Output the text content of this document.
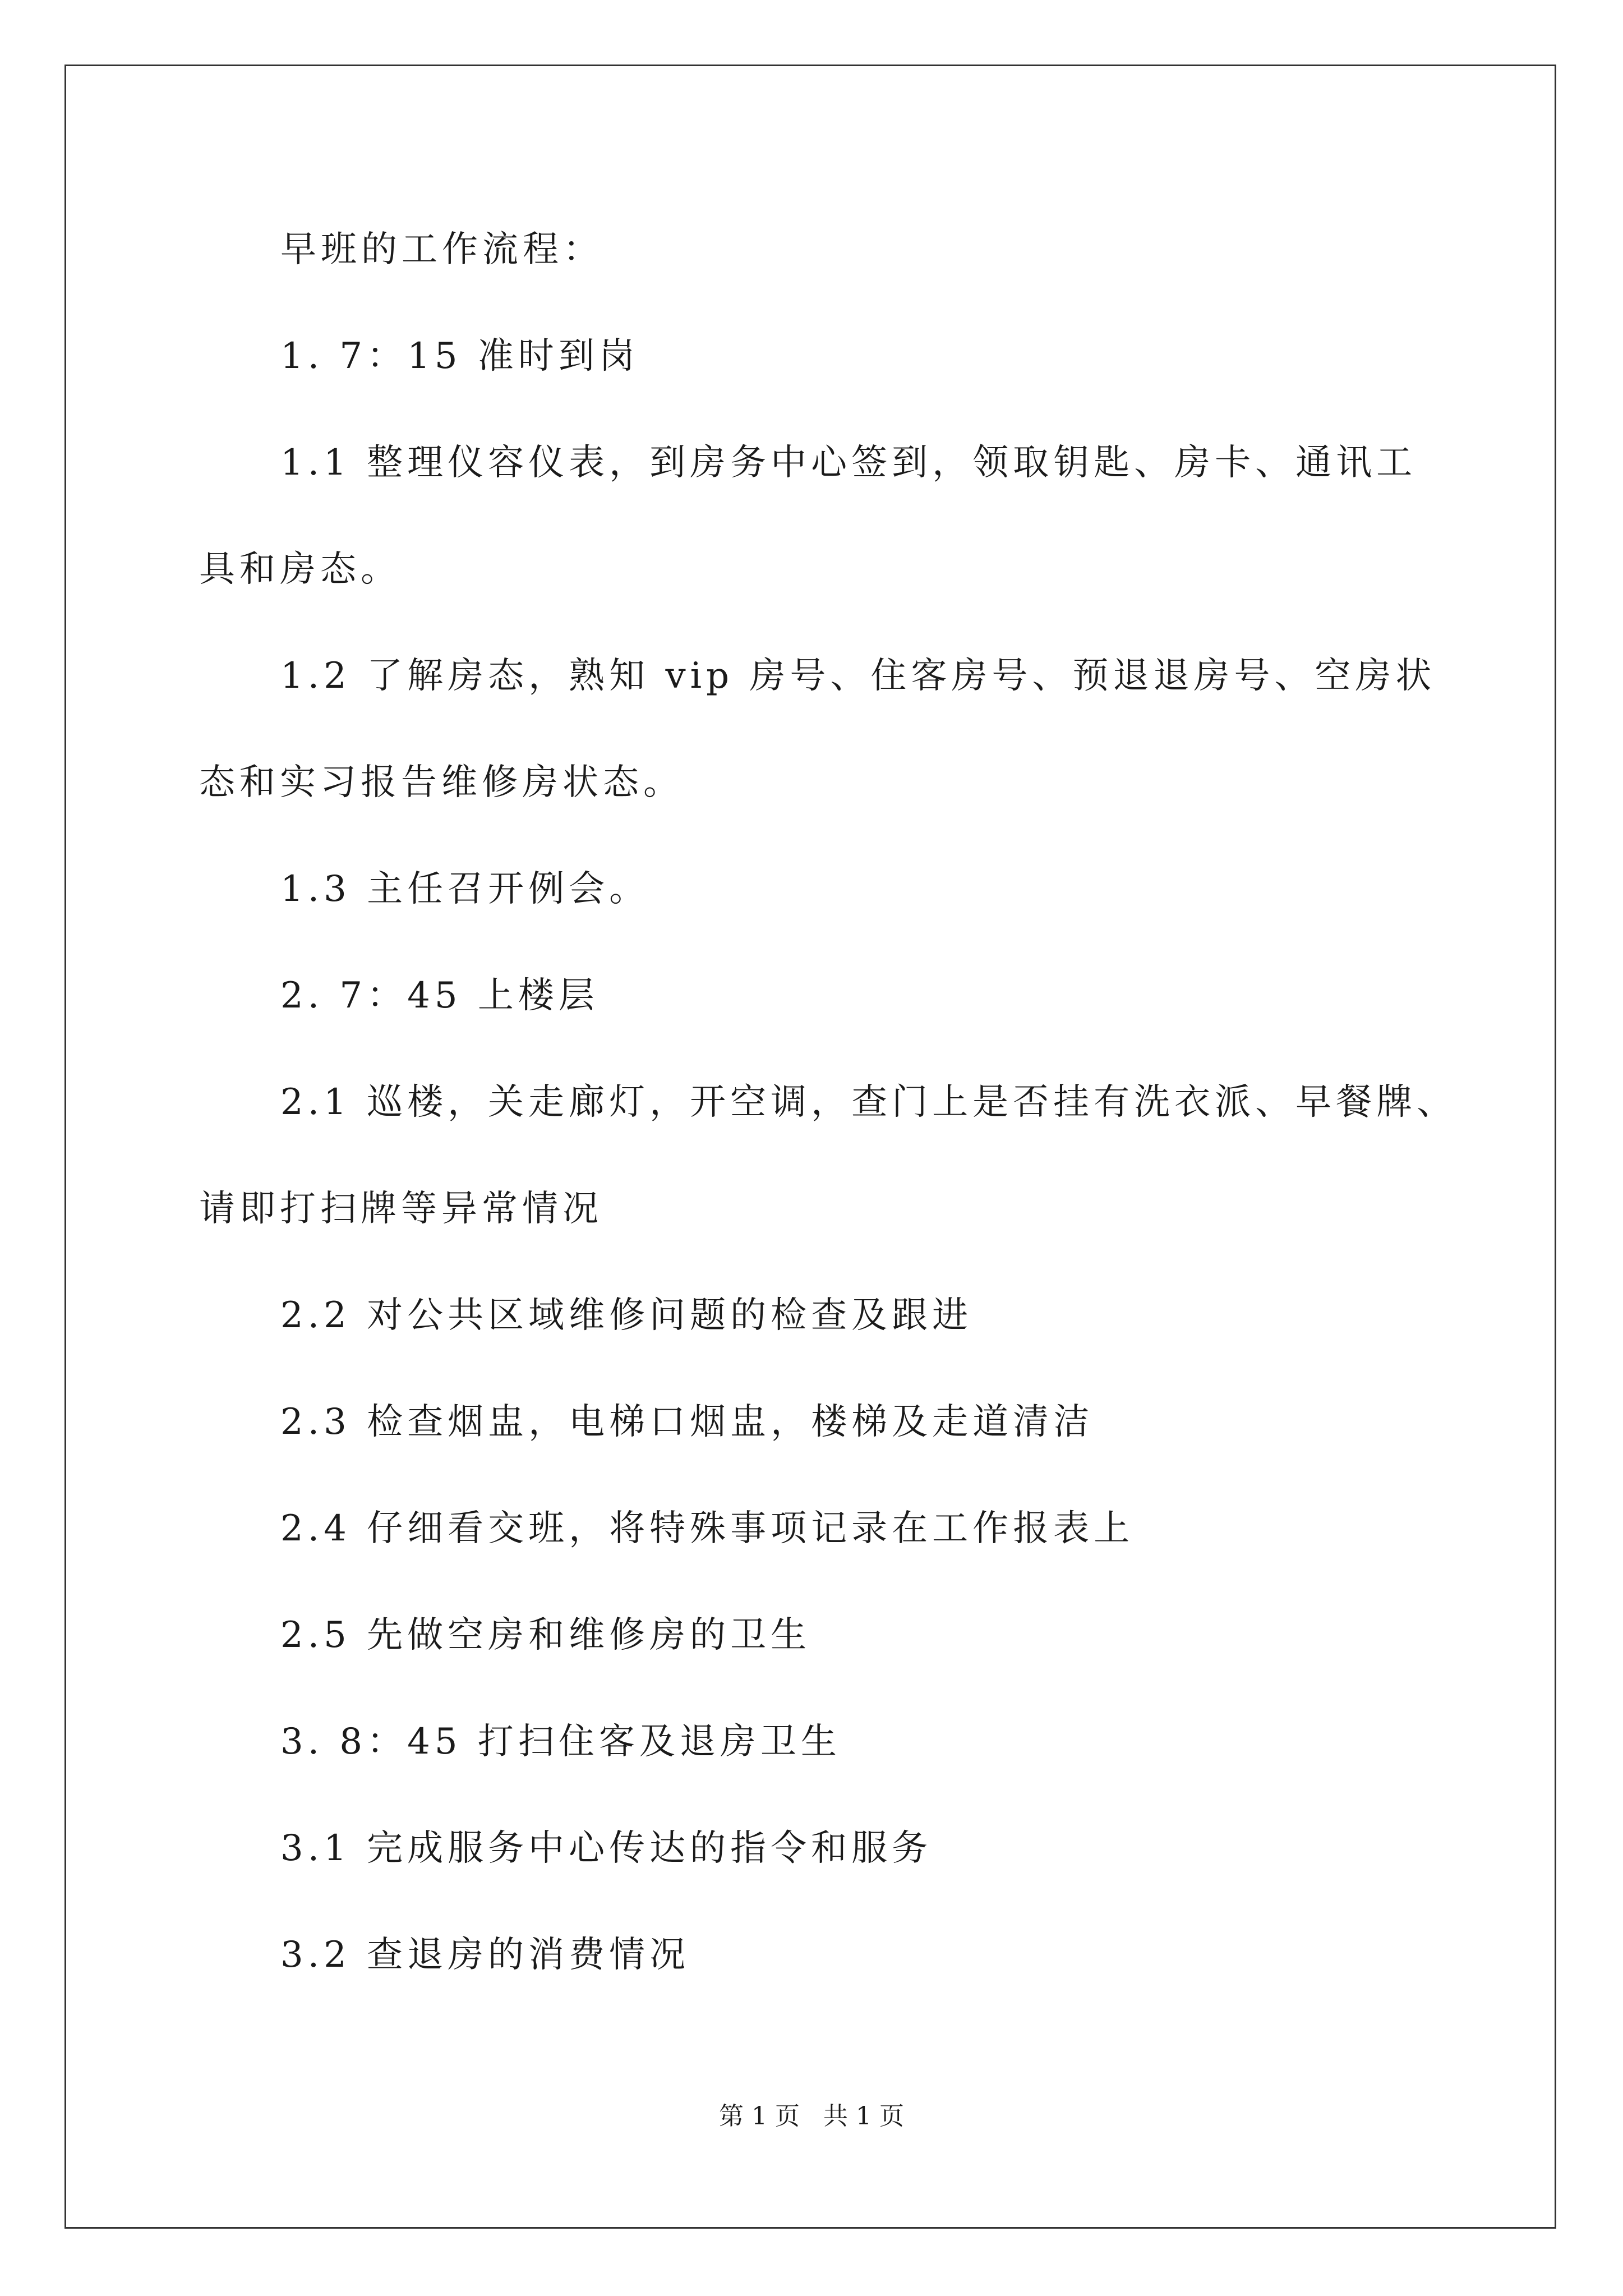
早班的工作流程：
1. 7：15 准时到岗
1.1 整理仪容仪表，到房务中心签到，领取钥匙、房卡、通讯工
具和房态。
1.2 了解房态，熟知 vip 房号、住客房号、预退退房号、空房状
态和实习报告维修房状态。
1.3 主任召开例会。
2. 7：45 上楼层
2.1 巡楼，关走廊灯，开空调，查门上是否挂有洗衣派、早餐牌、
请即打扫牌等异常情况
2.2 对公共区域维修问题的检查及跟进
2.3 检查烟盅，电梯口烟盅，楼梯及走道清洁
2.4 仔细看交班，将特殊事项记录在工作报表上
2.5 先做空房和维修房的卫生
3. 8：45 打扫住客及退房卫生
3.1 完成服务中心传达的指令和服务
3.2 查退房的消费情况
第 1 页   共 1 页
